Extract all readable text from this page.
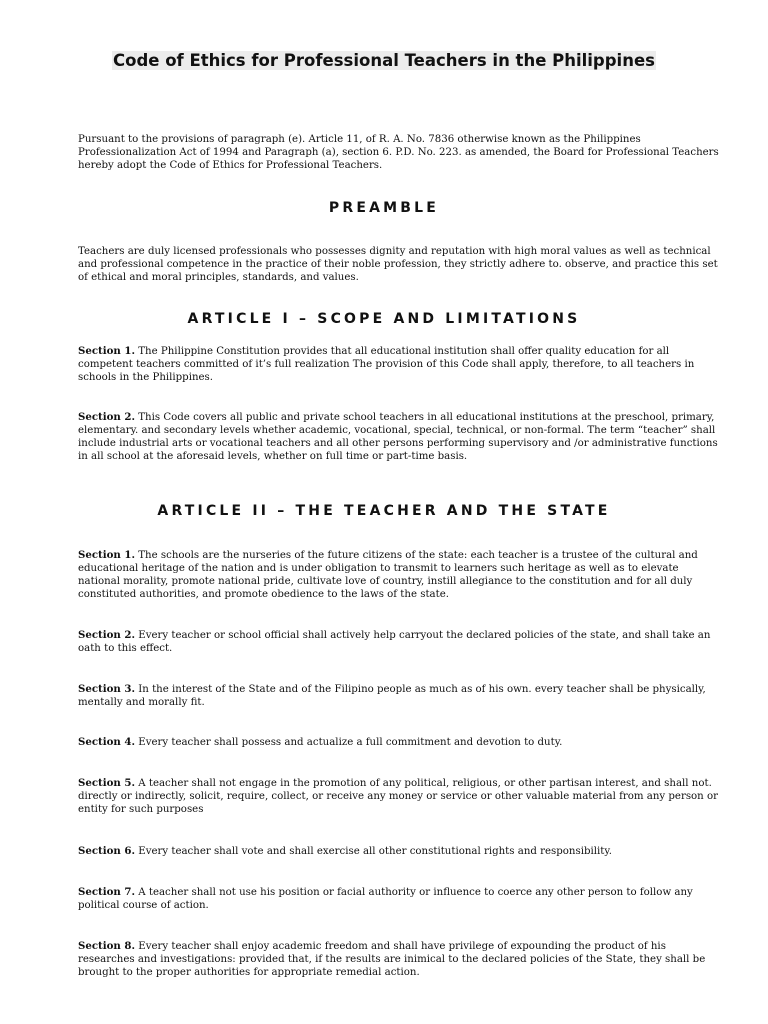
Code of Ethics for Professional Teachers in the Philippines

Pursuant to the provisions of paragraph (e). Article 11, of R. A. No. 7836 otherwise known as the Philippines Professionalization Act of 1994 and Paragraph (a), section 6. P.D. No. 223. as amended, the Board for Professional Teachers hereby adopt the Code of Ethics for Professional Teachers.

PREAMBLE

Teachers are duly licensed professionals who possesses dignity and reputation with high moral values as well as technical and professional competence in the practice of their noble profession, they strictly adhere to. observe, and practice this set of ethical and moral principles, standards, and values.

ARTICLE I – SCOPE AND LIMITATIONS

Section 1. The Philippine Constitution provides that all educational institution shall offer quality education for all competent teachers committed of it’s full realization The provision of this Code shall apply, therefore, to all teachers in schools in the Philippines.

Section 2. This Code covers all public and private school teachers in all educational institutions at the preschool, primary, elementary. and secondary levels whether academic, vocational, special, technical, or non-formal. The term “teacher” shall include industrial arts or vocational teachers and all other persons performing supervisory and /or administrative functions in all school at the aforesaid levels, whether on full time or part-time basis.

ARTICLE II – THE TEACHER AND THE STATE

Section 1. The schools are the nurseries of the future citizens of the state: each teacher is a trustee of the cultural and educational heritage of the nation and is under obligation to transmit to learners such heritage as well as to elevate national morality, promote national pride, cultivate love of country, instill allegiance to the constitution and for all duly constituted authorities, and promote obedience to the laws of the state.

Section 2. Every teacher or school official shall actively help carryout the declared policies of the state, and shall take an oath to this effect.

Section 3. In the interest of the State and of the Filipino people as much as of his own. every teacher shall be physically, mentally and morally fit.

Section 4. Every teacher shall possess and actualize a full commitment and devotion to duty.

Section 5. A teacher shall not engage in the promotion of any political, religious, or other partisan interest, and shall not. directly or indirectly, solicit, require, collect, or receive any money or service or other valuable material from any person or entity for such purposes

Section 6. Every teacher shall vote and shall exercise all other constitutional rights and responsibility.

Section 7. A teacher shall not use his position or facial authority or influence to coerce any other person to follow any political course of action.

Section 8. Every teacher shall enjoy academic freedom and shall have privilege of expounding the product of his researches and investigations: provided that, if the results are inimical to the declared policies of the State, they shall be brought to the proper authorities for appropriate remedial action.
